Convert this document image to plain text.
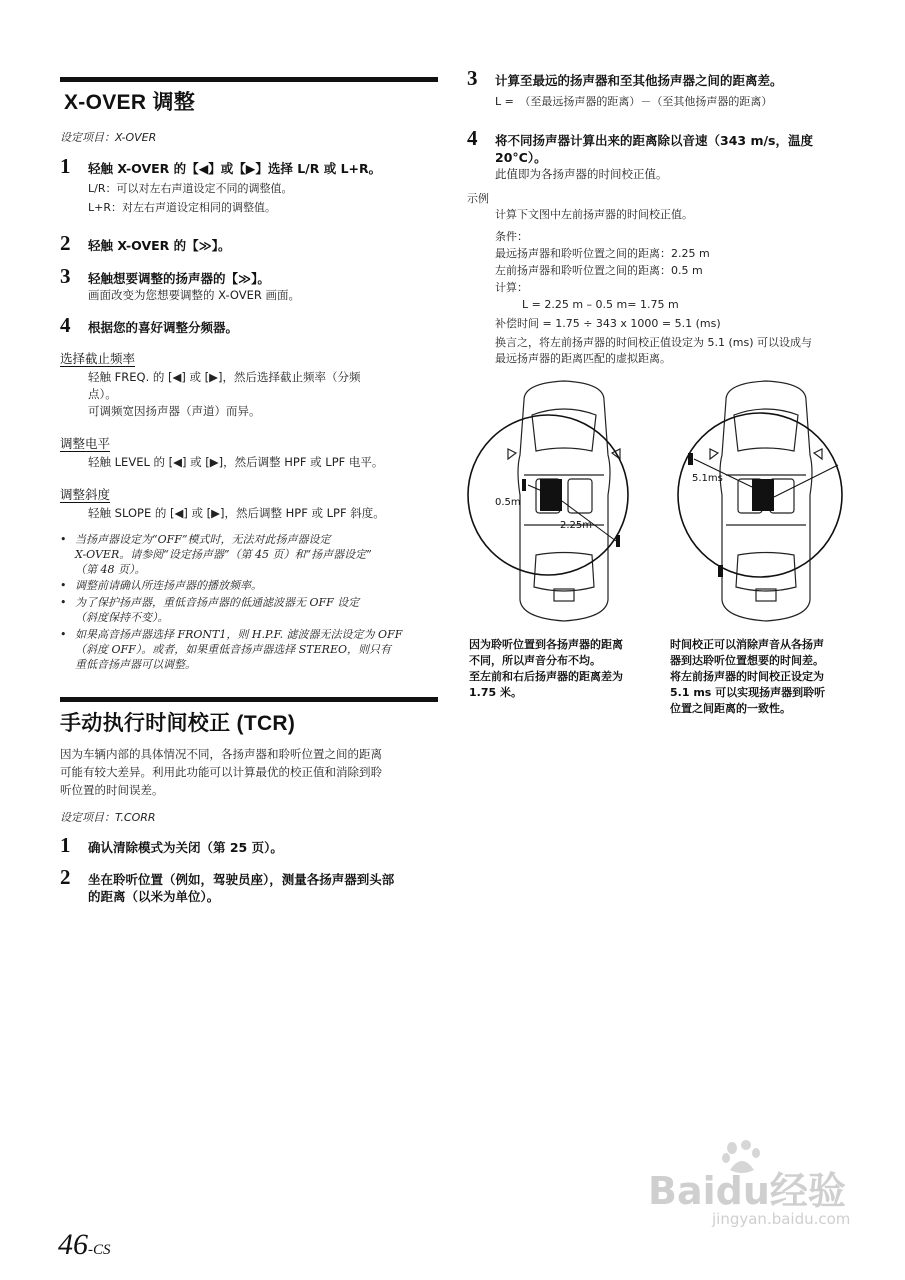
X-OVER 调整
设定项目：X-OVER
1 轻触 X-OVER 的【◀】或【▶】选择 L/R 或 L+R。
L/R：可以对左右声道设定不同的调整值。
L+R：对左右声道设定相同的调整值。
2 轻触 X-OVER 的【≫】。
3 轻触想要调整的扬声器的【≫】。
画面改变为您想要调整的 X-OVER 画面。
4 根据您的喜好调整分频器。
选择截止频率
轻触 FREQ. 的 [◀] 或 [▶]，然后选择截止频率（分频
点）。
可调频宽因扬声器（声道）而异。
调整电平
轻触 LEVEL 的 [◀] 或 [▶]，然后调整 HPF 或 LPF 电平。
调整斜度
轻触 SLOPE 的 [◀] 或 [▶]，然后调整 HPF 或 LPF 斜度。
• 当扬声器设定为“OFF”模式时，无法对此扬声器设定
X-OVER。请参阅“设定扬声器”（第 45 页）和“扬声器设定”
（第 48 页）。
• 调整前请确认所连扬声器的播放频率。
• 为了保护扬声器，重低音扬声器的低通滤波器无 OFF 设定
（斜度保持不变）。
• 如果高音扬声器选择 FRONT1，则 H.P.F. 滤波器无法设定为 OFF
（斜度 OFF）。或者，如果重低音扬声器选择 STEREO，则只有
重低音扬声器可以调整。
手动执行时间校正 (TCR)
因为车辆内部的具体情况不同，各扬声器和聆听位置之间的距离
可能有较大差异。利用此功能可以计算最优的校正值和消除到聆
听位置的时间误差。
设定项目：T.CORR
1 确认清除模式为关闭（第 25 页）。
2 坐在聆听位置（例如，驾驶员座），测量各扬声器到头部
的距离（以米为单位）。
3 计算至最远的扬声器和至其他扬声器之间的距离差。
L =　（至最远扬声器的距离）－（至其他扬声器的距离）
4 将不同扬声器计算出来的距离除以音速（343 m/s，温度
20°C）。
此值即为各扬声器的时间校正值。
示例
计算下文图中左前扬声器的时间校正值。
条件：
最远扬声器和聆听位置之间的距离：2.25 m
左前扬声器和聆听位置之间的距离：0.5 m
计算：
L = 2.25 m – 0.5 m= 1.75 m
补偿时间 = 1.75 ÷ 343 x 1000 = 5.1 (ms)
换言之，将左前扬声器的时间校正值设定为 5.1 (ms) 可以设成与
最远扬声器的距离匹配的虚拟距离。
0.5m
2.25m
5.1ms
因为聆听位置到各扬声器的距离
不同，所以声音分布不均。
至左前和右后扬声器的距离差为
1.75 米。
时间校正可以消除声音从各扬声
器到达聆听位置想要的时间差。
将左前扬声器的时间校正设定为
5.1 ms 可以实现扬声器到聆听
位置之间距离的一致性。
46-CS
Baidu经验
jingyan.baidu.com
